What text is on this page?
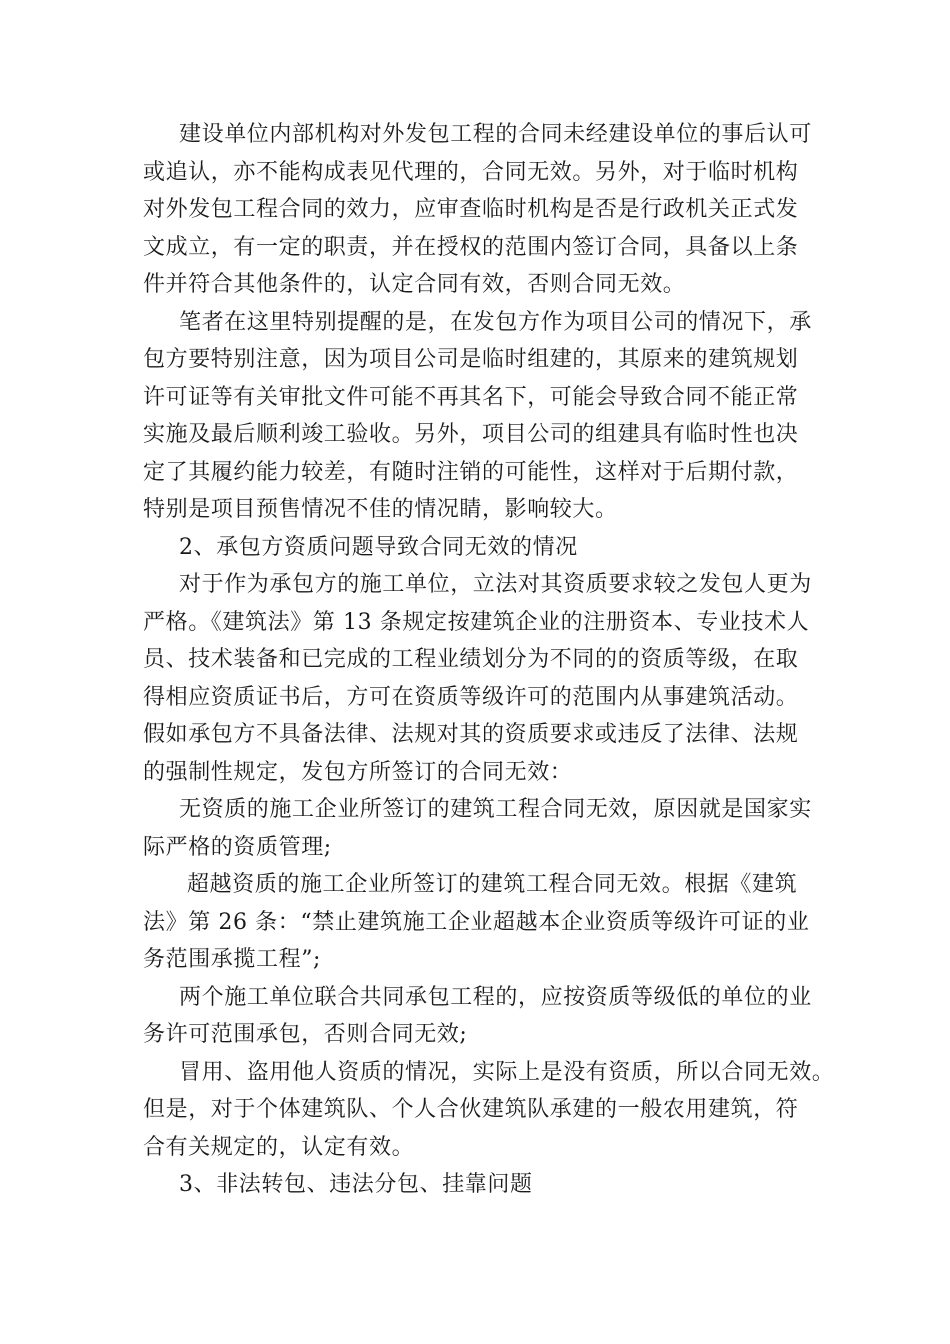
建设单位内部机构对外发包工程的合同未经建设单位的事后认可
或追认，亦不能构成表见代理的，合同无效。另外，对于临时机构
对外发包工程合同的效力，应审查临时机构是否是行政机关正式发
文成立，有一定的职责，并在授权的范围内签订合同，具备以上条
件并符合其他条件的，认定合同有效，否则合同无效。
笔者在这里特别提醒的是，在发包方作为项目公司的情况下，承
包方要特别注意，因为项目公司是临时组建的，其原来的建筑规划
许可证等有关审批文件可能不再其名下，可能会导致合同不能正常
实施及最后顺利竣工验收。另外，项目公司的组建具有临时性也决
定了其履约能力较差，有随时注销的可能性，这样对于后期付款，
特别是项目预售情况不佳的情况睛，影响较大。
2、承包方资质问题导致合同无效的情况
对于作为承包方的施工单位，立法对其资质要求较之发包人更为
严格。《建筑法》第 13 条规定按建筑企业的注册资本、专业技术人
员、技术装备和已完成的工程业绩划分为不同的的资质等级，在取
得相应资质证书后，方可在资质等级许可的范围内从事建筑活动。
假如承包方不具备法律、法规对其的资质要求或违反了法律、法规
的强制性规定，发包方所签订的合同无效：
无资质的施工企业所签订的建筑工程合同无效，原因就是国家实
际严格的资质管理;
超越资质的施工企业所签订的建筑工程合同无效。根据《建筑
法》第 26 条：“禁止建筑施工企业超越本企业资质等级许可证的业
务范围承揽工程”;
两个施工单位联合共同承包工程的，应按资质等级低的单位的业
务许可范围承包，否则合同无效;
冒用、盗用他人资质的情况，实际上是没有资质，所以合同无效。
但是，对于个体建筑队、个人合伙建筑队承建的一般农用建筑，符
合有关规定的，认定有效。
3、非法转包、违法分包、挂靠问题
